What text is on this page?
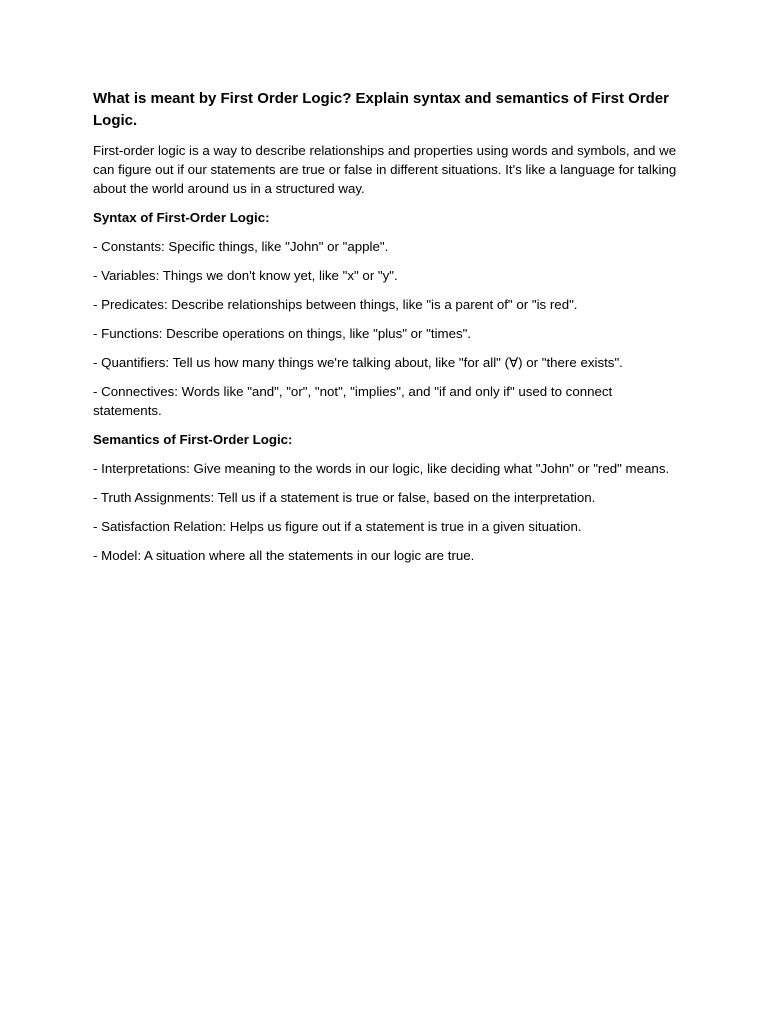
What is meant by First Order Logic? Explain syntax and semantics of First Order Logic.

First-order logic is a way to describe relationships and properties using words and symbols, and we can figure out if our statements are true or false in different situations. It's like a language for talking about the world around us in a structured way.

Syntax of First-Order Logic:

- Constants: Specific things, like "John" or "apple".

- Variables: Things we don't know yet, like "x" or "y".

- Predicates: Describe relationships between things, like "is a parent of" or "is red".

- Functions: Describe operations on things, like "plus" or "times".

- Quantifiers: Tell us how many things we're talking about, like "for all" (∀) or "there exists".

- Connectives: Words like "and", "or", "not", "implies", and "if and only if" used to connect statements.

Semantics of First-Order Logic:

- Interpretations: Give meaning to the words in our logic, like deciding what "John" or "red" means.

- Truth Assignments: Tell us if a statement is true or false, based on the interpretation.

- Satisfaction Relation: Helps us figure out if a statement is true in a given situation.

- Model: A situation where all the statements in our logic are true.
